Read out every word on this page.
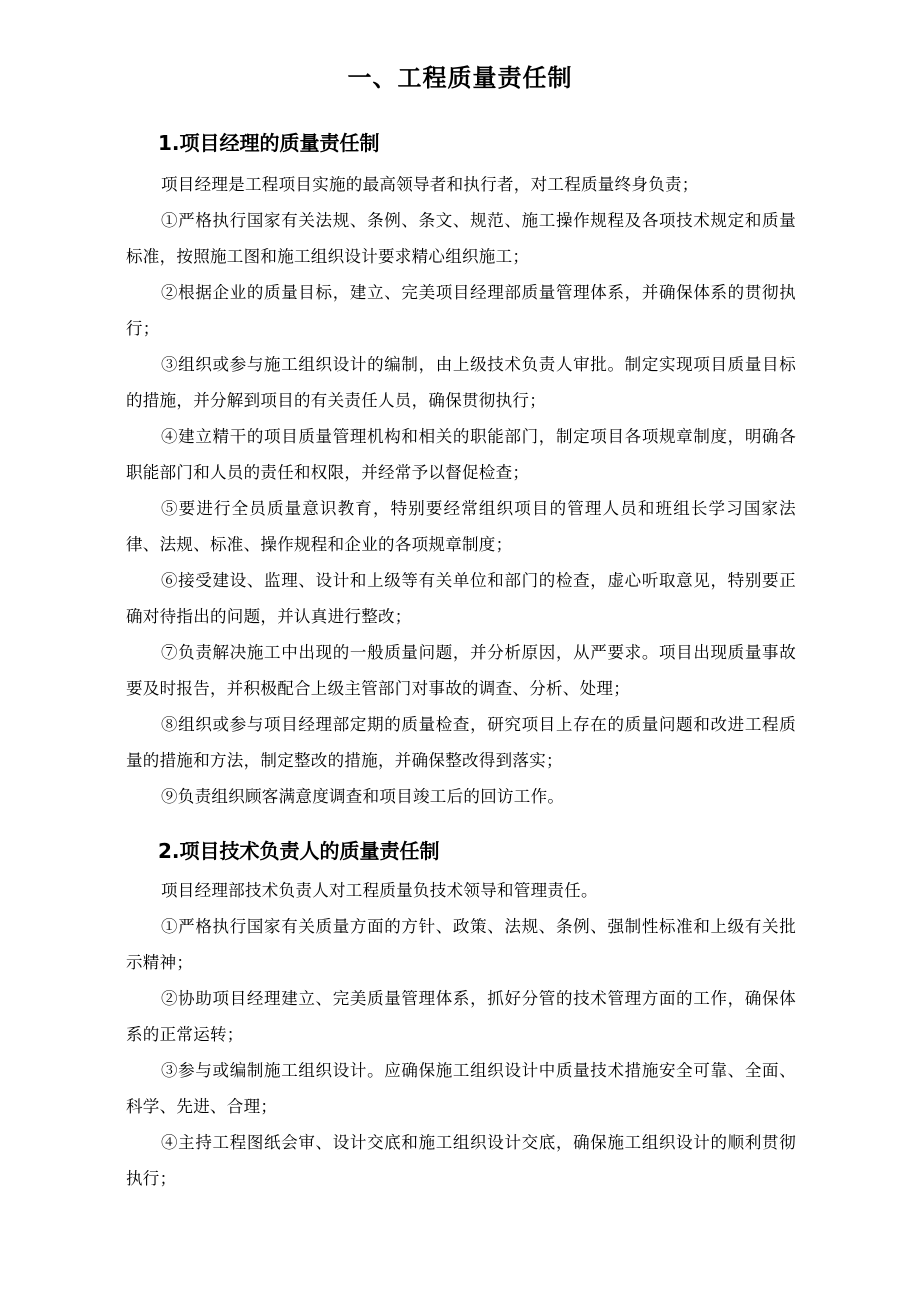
一、工程质量责任制
1.项目经理的质量责任制
项目经理是工程项目实施的最高领导者和执行者，对工程质量终身负责；
①严格执行国家有关法规、条例、条文、规范、施工操作规程及各项技术规定和质量标准，按照施工图和施工组织设计要求精心组织施工；
②根据企业的质量目标，建立、完美项目经理部质量管理体系，并确保体系的贯彻执行；
③组织或参与施工组织设计的编制，由上级技术负责人审批。制定实现项目质量目标的措施，并分解到项目的有关责任人员，确保贯彻执行；
④建立精干的项目质量管理机构和相关的职能部门，制定项目各项规章制度，明确各职能部门和人员的责任和权限，并经常予以督促检查；
⑤要进行全员质量意识教育，特别要经常组织项目的管理人员和班组长学习国家法律、法规、标准、操作规程和企业的各项规章制度；
⑥接受建设、监理、设计和上级等有关单位和部门的检查，虚心听取意见，特别要正确对待指出的问题，并认真进行整改；
⑦负责解决施工中出现的一般质量问题，并分析原因，从严要求。项目出现质量事故要及时报告，并积极配合上级主管部门对事故的调查、分析、处理；
⑧组织或参与项目经理部定期的质量检查，研究项目上存在的质量问题和改进工程质量的措施和方法，制定整改的措施，并确保整改得到落实；
⑨负责组织顾客满意度调查和项目竣工后的回访工作。
2.项目技术负责人的质量责任制
项目经理部技术负责人对工程质量负技术领导和管理责任。
①严格执行国家有关质量方面的方针、政策、法规、条例、强制性标准和上级有关批示精神；
②协助项目经理建立、完美质量管理体系，抓好分管的技术管理方面的工作，确保体系的正常运转；
③参与或编制施工组织设计。应确保施工组织设计中质量技术措施安全可靠、全面、科学、先进、合理；
④主持工程图纸会审、设计交底和施工组织设计交底，确保施工组织设计的顺利贯彻执行；
